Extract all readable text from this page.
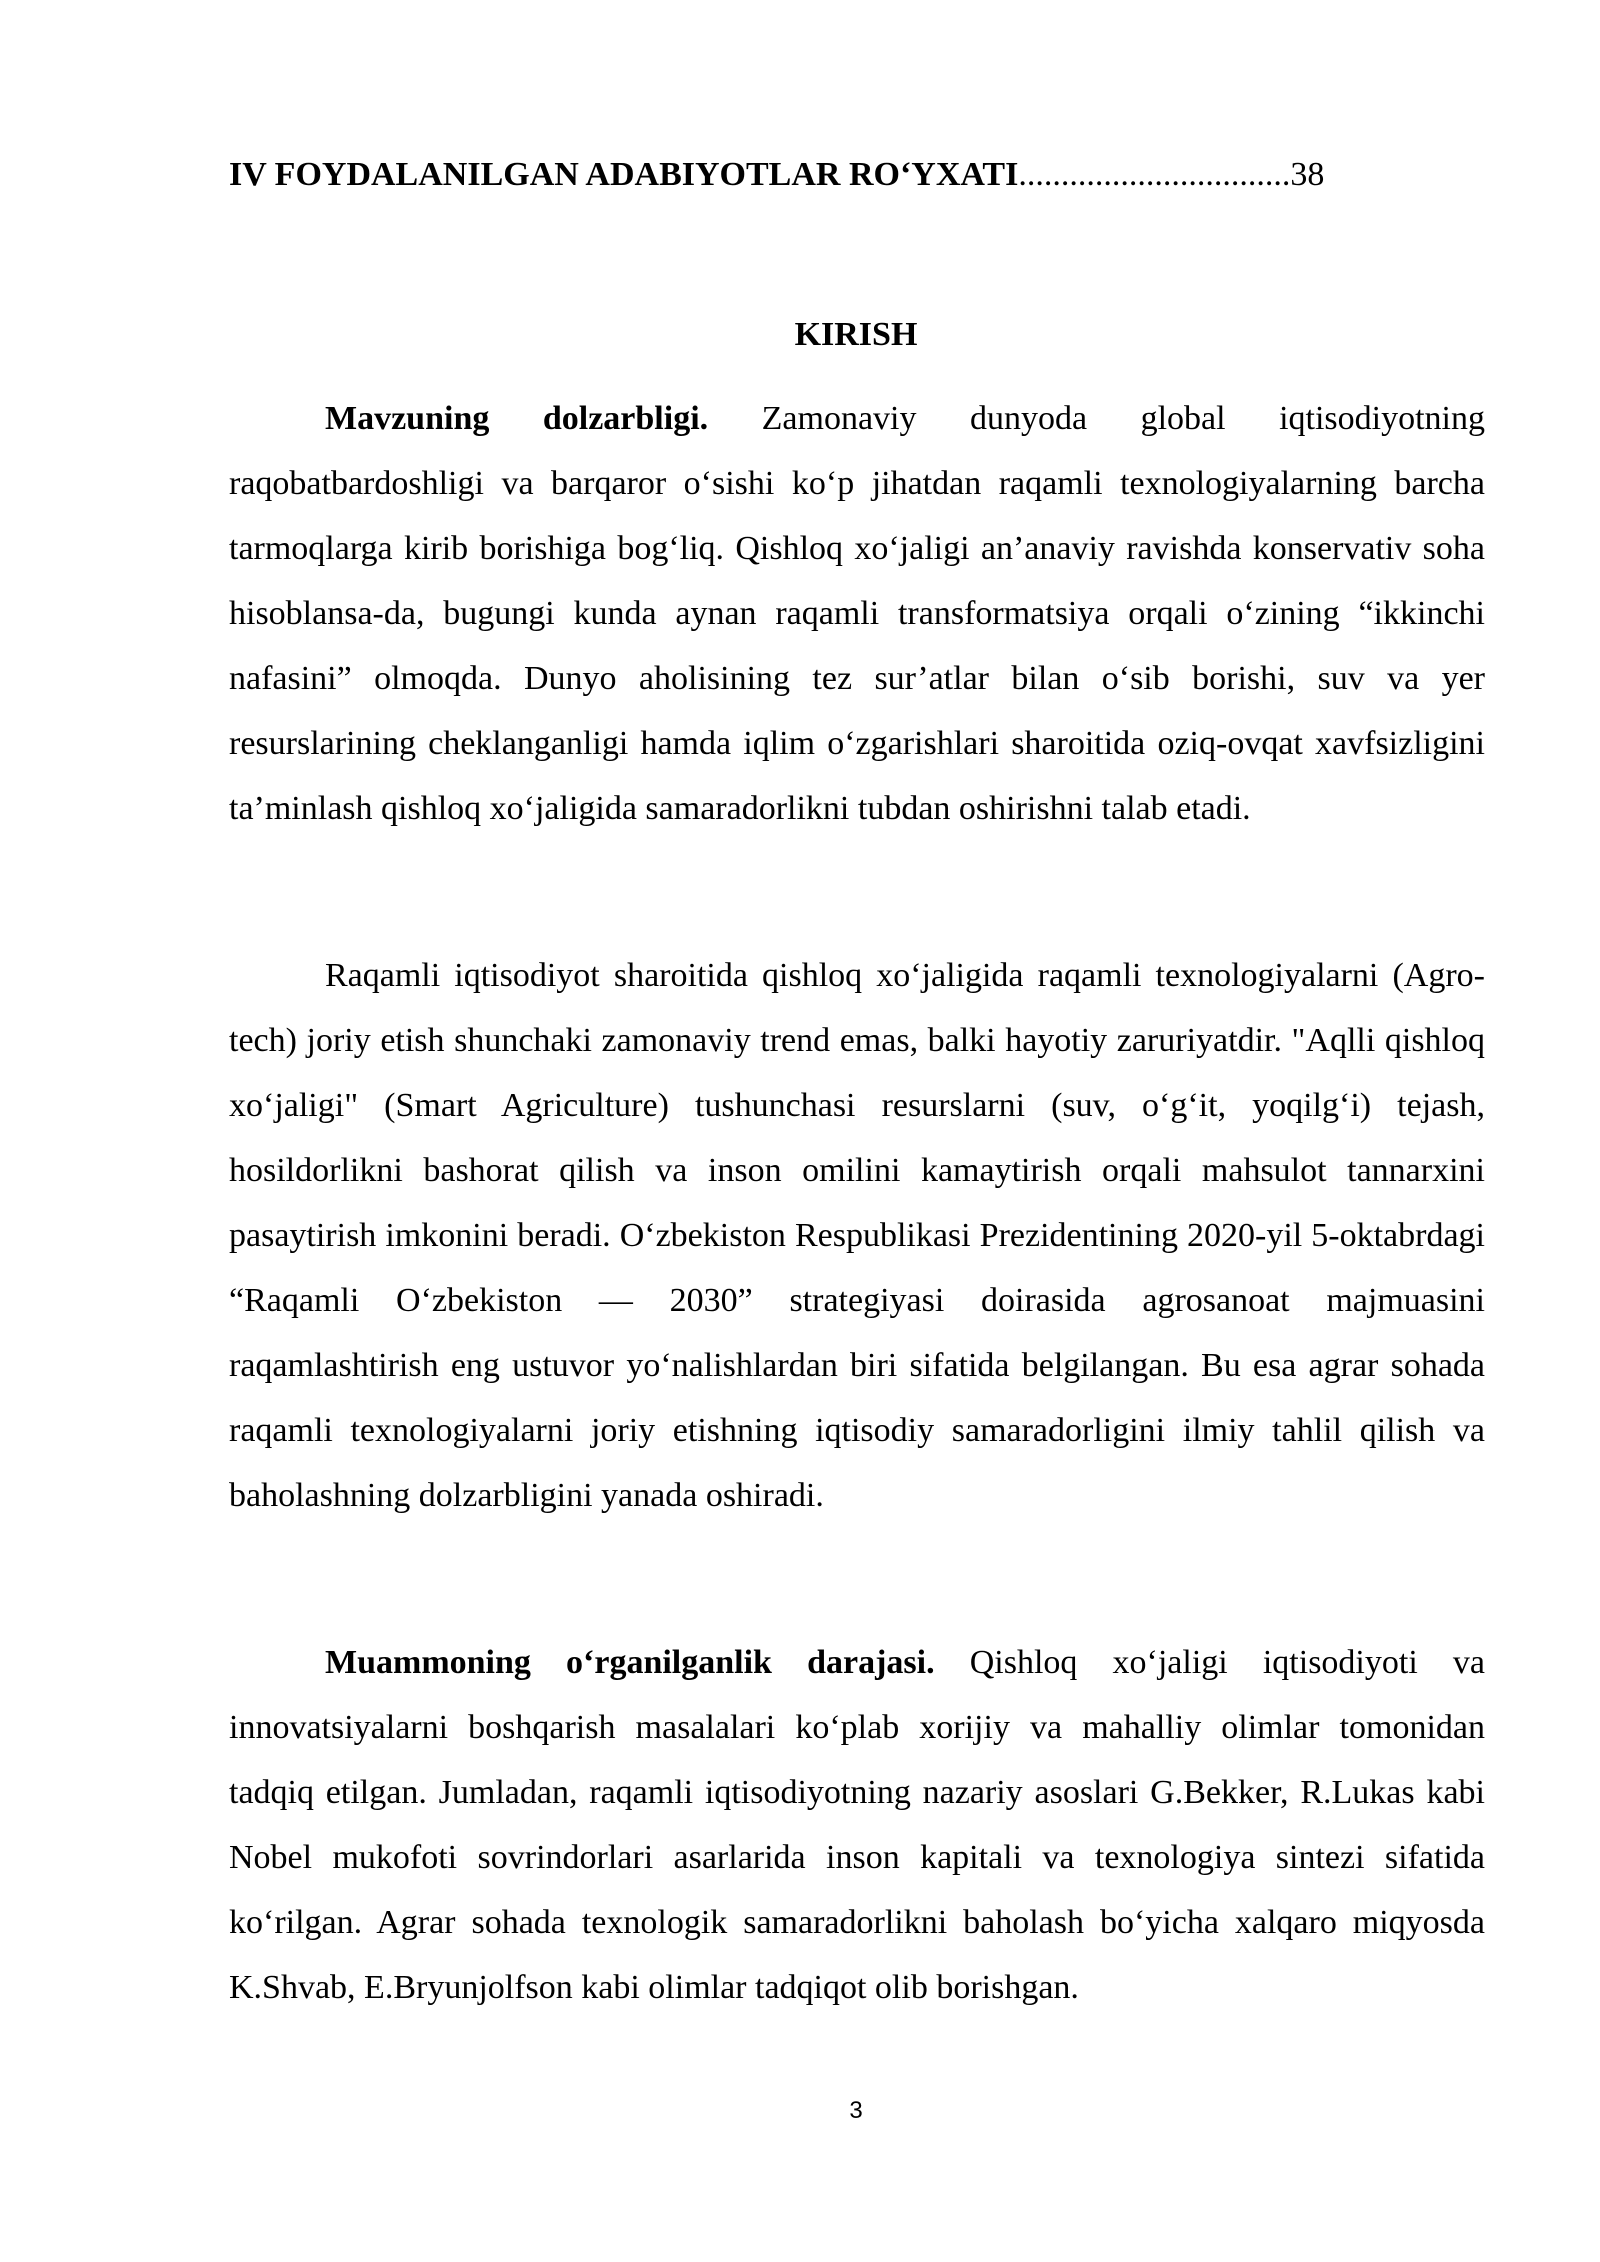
IV FOYDALANILGAN ADABIYOTLAR RO‘YXATI................................38
KIRISH

Mavzuning dolzarbligi. Zamonaviy dunyoda global iqtisodiyotning raqobatbardoshligi va barqaror o‘sishi ko‘p jihatdan raqamli texnologiyalarning barcha tarmoqlarga kirib borishiga bog‘liq. Qishloq xo‘jaligi an’anaviy ravishda konservativ soha hisoblansa-da, bugungi kunda aynan raqamli transformatsiya orqali o‘zining “ikkinchi nafasini” olmoqda. Dunyo aholisining tez sur’atlar bilan o‘sib borishi, suv va yer resurslarining cheklanganligi hamda iqlim o‘zgarishlari sharoitida oziq-ovqat xavfsizligini ta’minlash qishloq xo‘jaligida samaradorlikni tubdan oshirishni talab etadi.

Raqamli iqtisodiyot sharoitida qishloq xo‘jaligida raqamli texnologiyalarni (Agro-tech) joriy etish shunchaki zamonaviy trend emas, balki hayotiy zaruriyatdir. "Aqlli qishloq xo‘jaligi" (Smart Agriculture) tushunchasi resurslarni (suv, o‘g‘it, yoqilg‘i) tejash, hosildorlikni bashorat qilish va inson omilini kamaytirish orqali mahsulot tannarxini pasaytirish imkonini beradi. O‘zbekiston Respublikasi Prezidentining 2020-yil 5-oktabrdagi “Raqamli O‘zbekiston — 2030” strategiyasi doirasida agrosanoat majmuasini raqamlashtirish eng ustuvor yo‘nalishlardan biri sifatida belgilangan. Bu esa agrar sohada raqamli texnologiyalarni joriy etishning iqtisodiy samaradorligini ilmiy tahlil qilish va baholashning dolzarbligini yanada oshiradi.

Muammoning o‘rganilganlik darajasi. Qishloq xo‘jaligi iqtisodiyoti va innovatsiyalarni boshqarish masalalari ko‘plab xorijiy va mahalliy olimlar tomonidan tadqiq etilgan. Jumladan, raqamli iqtisodiyotning nazariy asoslari G.Bekker, R.Lukas kabi Nobel mukofoti sovrindorlari asarlarida inson kapitali va texnologiya sintezi sifatida ko‘rilgan. Agrar sohada texnologik samaradorlikni baholash bo‘yicha xalqaro miqyosda K.Shvab, E.Bryunjolfson kabi olimlar tadqiqot olib borishgan.

3
